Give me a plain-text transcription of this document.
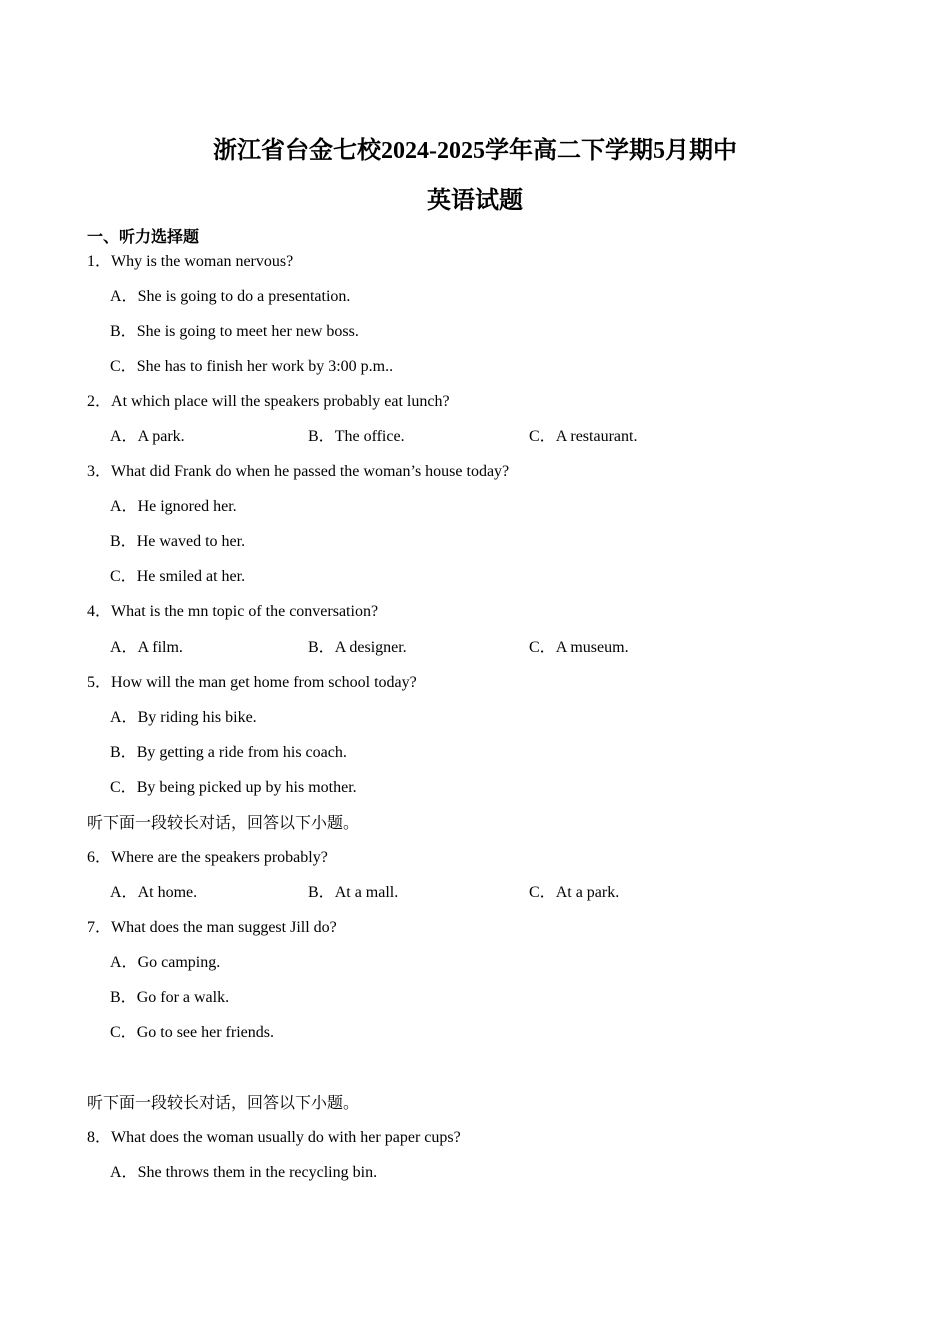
浙江省台金七校2024-2025学年高二下学期5月期中
英语试题
一、听力选择题
1．Why is the woman nervous?
A．She is going to do a presentation.
B．She is going to meet her new boss.
C．She has to finish her work by 3:00 p.m..
2．At which place will the speakers probably eat lunch?
A．A park.	B．The office.	C．A restaurant.
3．What did Frank do when he passed the woman’s house today?
A．He ignored her.
B．He waved to her.
C．He smiled at her.
4．What is the mn topic of the conversation?
A．A film.	B．A designer.	C．A museum.
5．How will the man get home from school today?
A．By riding his bike.
B．By getting a ride from his coach.
C．By being picked up by his mother.
听下面一段较长对话，回答以下小题。
6．Where are the speakers probably?
A．At home.	B．At a mall.	C．At a park.
7．What does the man suggest Jill do?
A．Go camping.
B．Go for a walk.
C．Go to see her friends.
听下面一段较长对话，回答以下小题。
8．What does the woman usually do with her paper cups?
A．She throws them in the recycling bin.
